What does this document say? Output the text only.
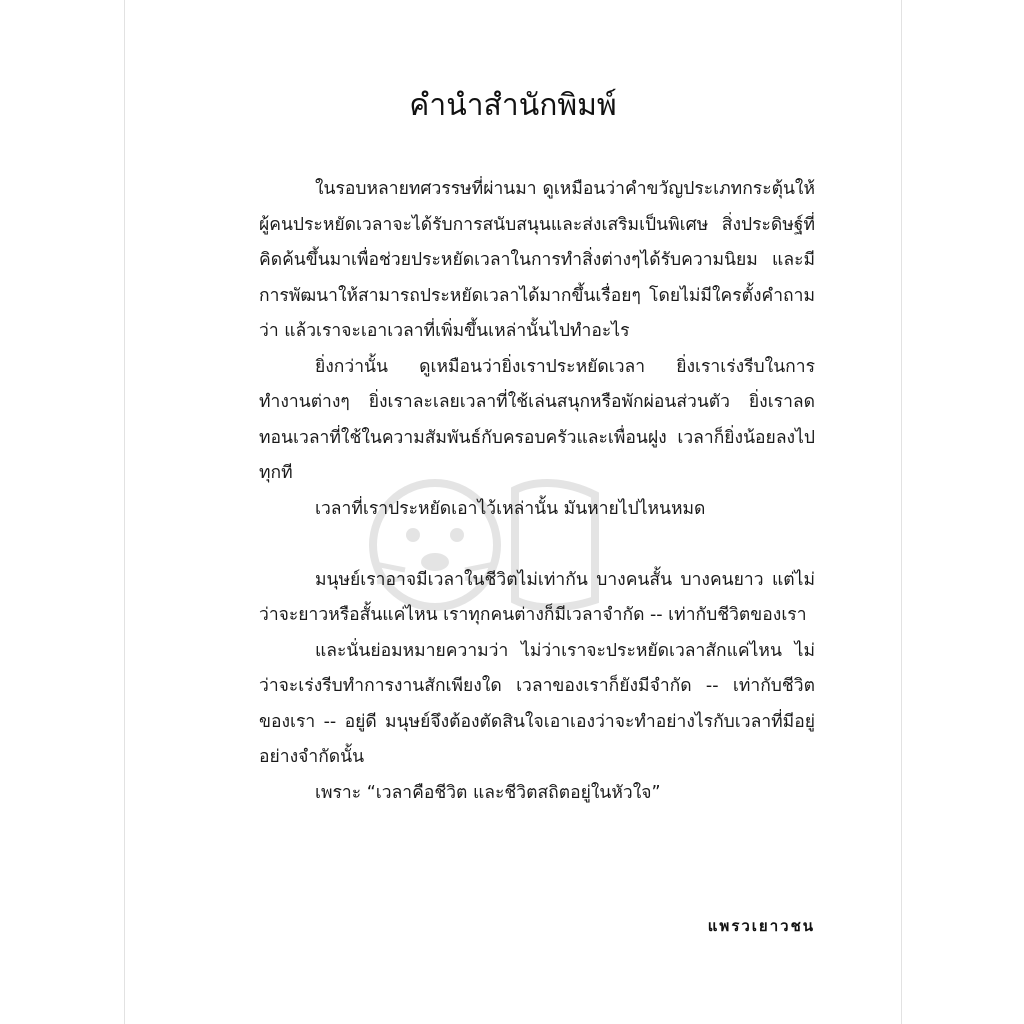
คำนำสำนักพิมพ์

ในรอบหลายทศวรรษที่ผ่านมา ดูเหมือนว่าคำขวัญประเภทกระตุ้นให้ผู้คนประหยัดเวลาจะได้รับการสนับสนุนและส่งเสริมเป็นพิเศษ สิ่งประดิษฐ์ที่คิดค้นขึ้นมาเพื่อช่วยประหยัดเวลาในการทำสิ่งต่างๆได้รับความนิยม และมีการพัฒนาให้สามารถประหยัดเวลาได้มากขึ้นเรื่อยๆ โดยไม่มีใครตั้งคำถามว่า แล้วเราจะเอาเวลาที่เพิ่มขึ้นเหล่านั้นไปทำอะไร

ยิ่งกว่านั้น ดูเหมือนว่ายิ่งเราประหยัดเวลา ยิ่งเราเร่งรีบในการทำงานต่างๆ ยิ่งเราละเลยเวลาที่ใช้เล่นสนุกหรือพักผ่อนส่วนตัว ยิ่งเราลดทอนเวลาที่ใช้ในความสัมพันธ์กับครอบครัวและเพื่อนฝูง เวลาก็ยิ่งน้อยลงไปทุกที

เวลาที่เราประหยัดเอาไว้เหล่านั้น มันหายไปไหนหมด

มนุษย์เราอาจมีเวลาในชีวิตไม่เท่ากัน บางคนสั้น บางคนยาว แต่ไม่ว่าจะยาวหรือสั้นแค่ไหน เราทุกคนต่างก็มีเวลาจำกัด -- เท่ากับชีวิตของเรา

และนั่นย่อมหมายความว่า ไม่ว่าเราจะประหยัดเวลาสักแค่ไหน ไม่ว่าจะเร่งรีบทำการงานสักเพียงใด เวลาของเราก็ยังมีจำกัด -- เท่ากับชีวิตของเรา -- อยู่ดี มนุษย์จึงต้องตัดสินใจเอาเองว่าจะทำอย่างไรกับเวลาที่มีอยู่อย่างจำกัดนั้น

เพราะ “เวลาคือชีวิต และชีวิตสถิตอยู่ในหัวใจ”

แพรวเยาวชน
